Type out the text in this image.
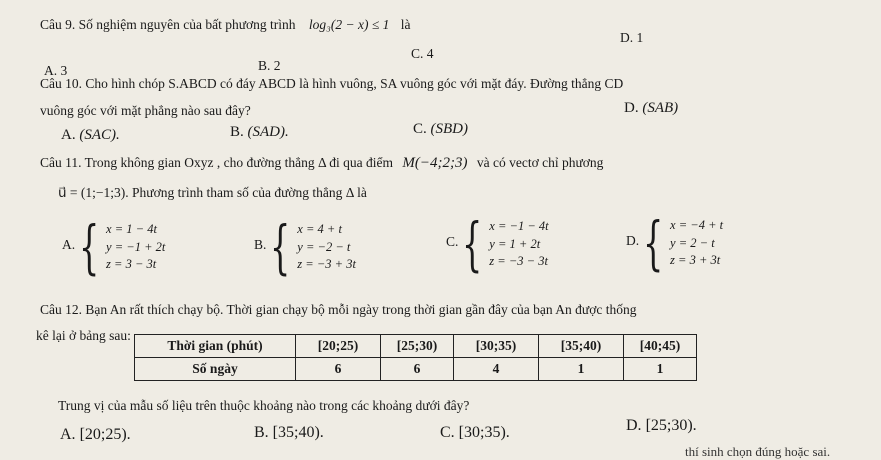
Câu 9. Số nghiệm nguyên của bất phương trình log₃(2 − x) ≤ 1 là
D. 1
A. 3	B. 2
C. 4
Câu 10. Cho hình chóp S.ABCD có đáy ABCD là hình vuông, SA vuông góc với mặt đáy. Đường thẳng CD
vuông góc với mặt phẳng nào sau đây?	D. (SAB)
A. (SAC).	B. (SAD).	C. (SBD)
Câu 11. Trong không gian Oxyz , cho đường thẳng Δ đi qua điểm M(−4;2;3) và có vectơ chỉ phương
u⃗ = (1;−1;3). Phương trình tham số của đường thẳng Δ là
A. { x = 1 − 4t
y = −1 + 2t
z = 3 − 3t
B. { x = 4 + t
y = −2 − t
z = −3 + 3t
C. { x = −1 − 4t
y = 1 + 2t
z = −3 − 3t
D. { x = −4 + t
y = 2 − t
z = 3 + 3t
Câu 12. Bạn An rất thích chạy bộ. Thời gian chạy bộ mỗi ngày trong thời gian gần đây của bạn An được thống
kê lại ở bảng sau:
Thời gian (phút)	[20;25)	[25;30)	[30;35)	[35;40)	[40;45)
Số ngày	6	6	4	1	1
Trung vị của mẫu số liệu trên thuộc khoảng nào trong các khoảng dưới đây?
A. [20;25).	B. [35;40).	C. [30;35).	D. [25;30).
thí sinh chọn đúng hoặc sai.
